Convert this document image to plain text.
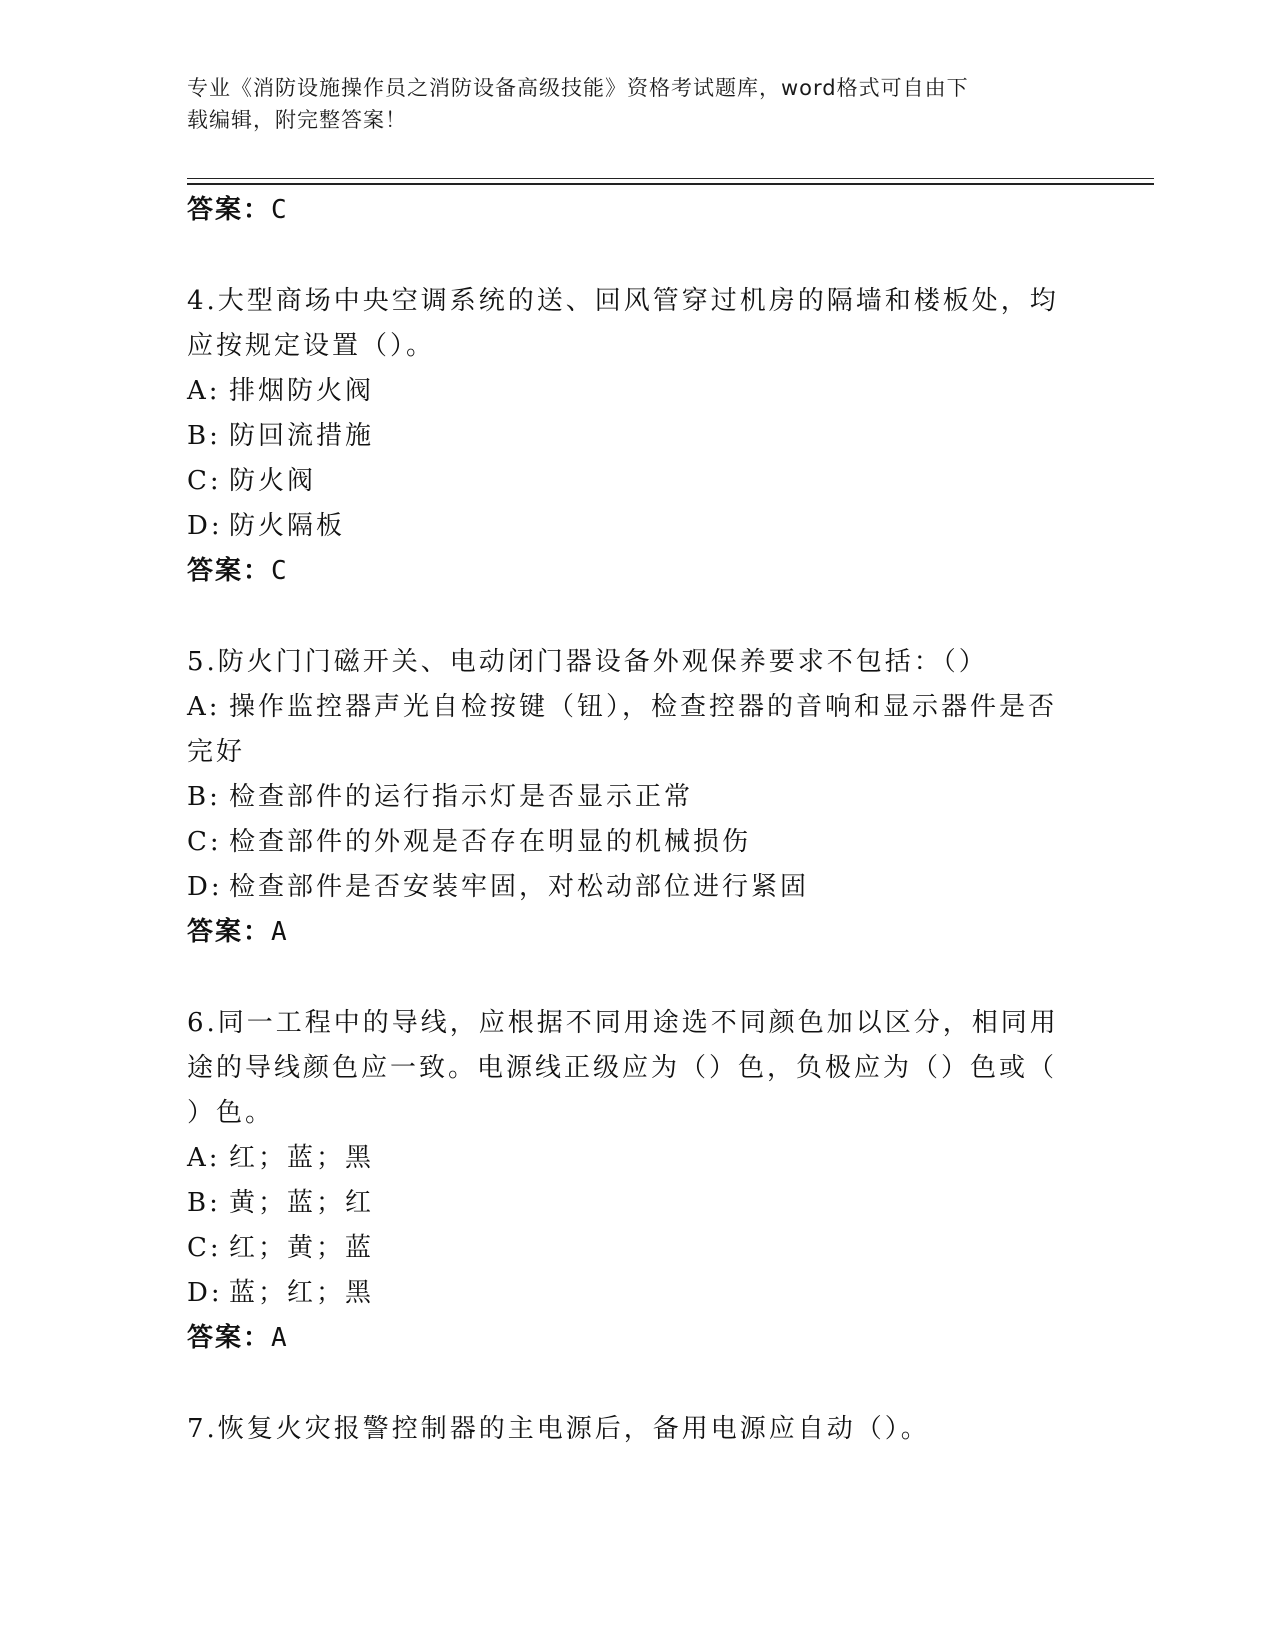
专业《消防设施操作员之消防设备高级技能》资格考试题库，word格式可自由下
载编辑，附完整答案！
答案：C
4.大型商场中央空调系统的送、回风管穿过机房的隔墙和楼板处，均
应按规定设置（）。
A: 排烟防火阀
B: 防回流措施
C: 防火阀
D: 防火隔板
答案：C
5.防火门门磁开关、电动闭门器设备外观保养要求不包括：（）
A: 操作监控器声光自检按键（钮），检查控器的音响和显示器件是否
完好
B: 检查部件的运行指示灯是否显示正常
C: 检查部件的外观是否存在明显的机械损伤
D: 检查部件是否安装牢固，对松动部位进行紧固
答案：A
6.同一工程中的导线，应根据不同用途选不同颜色加以区分，相同用
途的导线颜色应一致。电源线正级应为（）色，负极应为（）色或（
）色。
A: 红；蓝；黑
B: 黄；蓝；红
C: 红；黄；蓝
D: 蓝；红；黑
答案：A
7.恢复火灾报警控制器的主电源后，备用电源应自动（）。
